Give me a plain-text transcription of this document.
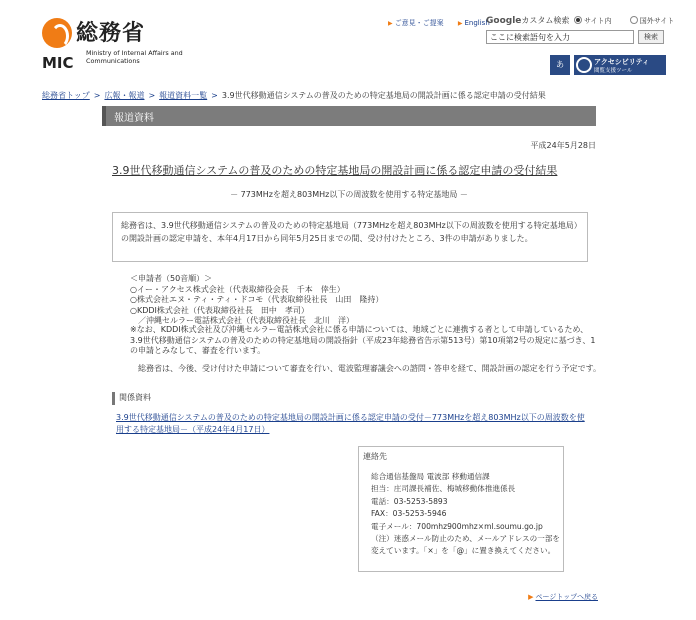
総務省
MIC
Ministry of Internal Affairs and Communications
▶ ご意見・ご提案 ▶ English
Googleカスタム検索	サイト内	国外サイト
ここに検索語句を入力
検索
あ	アクセシビリティ
閲覧支援ツール
総務省トップ > 広報・報道 > 報道資料一覧 > 3.9世代移動通信システムの普及のための特定基地局の開設計画に係る認定申請の受付結果
報道資料
平成24年5月28日
3.9世代移動通信システムの普及のための特定基地局の開設計画に係る認定申請の受付結果
－ 773MHzを超え803MHz以下の周波数を使用する特定基地局 －
総務省は、3.9世代移動通信システムの普及のための特定基地局（773MHzを超え803MHz以下の周波数を使用する特定基地局）の開設計画の認定申請を、本年4月17日から同年5月25日までの間、受け付けたところ、3件の申請がありました。
＜申請者（50音順）＞
○イー・アクセス株式会社（代表取締役会長　千本　倖生）
○株式会社エヌ・ティ・ティ・ドコモ（代表取締役社長　山田　隆持）
○KDDI株式会社（代表取締役社長　田中　孝司）
　／沖縄セルラー電話株式会社（代表取締役社長　北川　洋）
※なお、KDDI株式会社及び沖縄セルラー電話株式会社に係る申請については、地域ごとに連携する者として申請しているため、3.9世代移動通信システムの普及のための特定基地局の開設指針（平成23年総務省告示第513号）第10項第2号の規定に基づき、1の申請とみなして、審査を行います。
総務省は、今後、受け付けた申請について審査を行い、電波監理審議会への諮問・答申を経て、開設計画の認定を行う予定です。
関係資料
3.9世代移動通信システムの普及のための特定基地局の開設計画に係る認定申請の受付－773MHzを超え803MHz以下の周波数を使用する特定基地局－（平成24年4月17日）
連絡先
総合通信基盤局 電波部 移動通信課
担当：庄司課長補佐、梅城移動体推進係長
電話：03-5253-5893
FAX：03-5253-5946
電子メール：700mhz900mhz×ml.soumu.go.jp
（注）迷惑メール防止のため、メールアドレスの一部を変えています。「×」を「@」に置き換えてください。
▶ ページトップへ戻る
